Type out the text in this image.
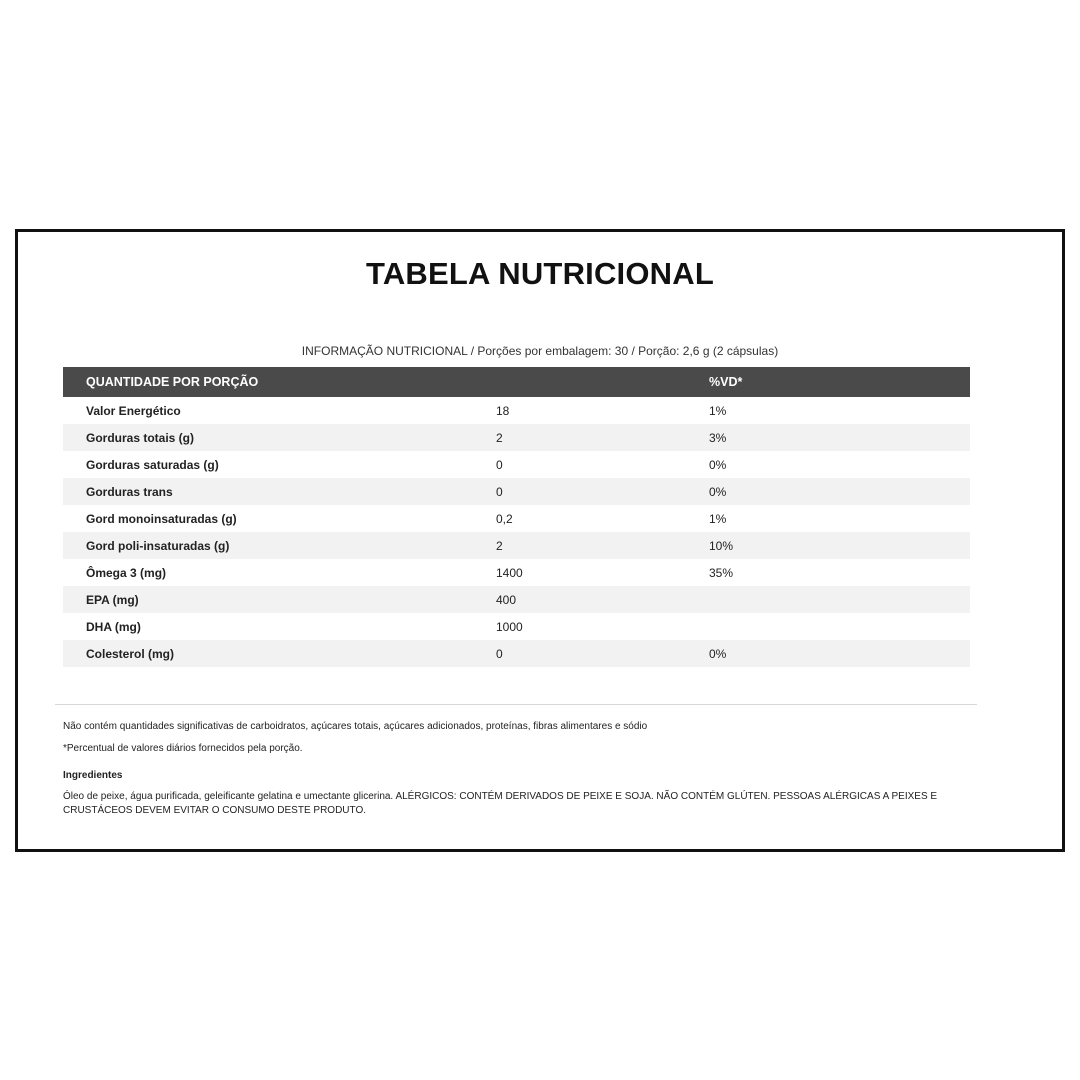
TABELA NUTRICIONAL
INFORMAÇÃO NUTRICIONAL / Porções por embalagem: 30 / Porção: 2,6 g (2 cápsulas)
QUANTIDADE POR PORÇÃO		%VD*
Valor Energético	18	1%
Gorduras totais (g)	2	3%
Gorduras saturadas (g)	0	0%
Gorduras trans	0	0%
Gord monoinsaturadas (g)	0,2	1%
Gord poli-insaturadas (g)	2	10%
Ômega 3 (mg)	1400	35%
EPA (mg)	400	
DHA (mg)	1000	
Colesterol (mg)	0	0%
Não contém quantidades significativas de carboidratos, açúcares totais, açúcares adicionados, proteínas, fibras alimentares e sódio
*Percentual de valores diários fornecidos pela porção.
Ingredientes
Óleo de peixe, água purificada, geleificante gelatina e umectante glicerina. ALÉRGICOS: CONTÉM DERIVADOS DE PEIXE E SOJA. NÃO CONTÉM GLÚTEN. PESSOAS ALÉRGICAS A PEIXES E CRUSTÁCEOS DEVEM EVITAR O CONSUMO DESTE PRODUTO.
